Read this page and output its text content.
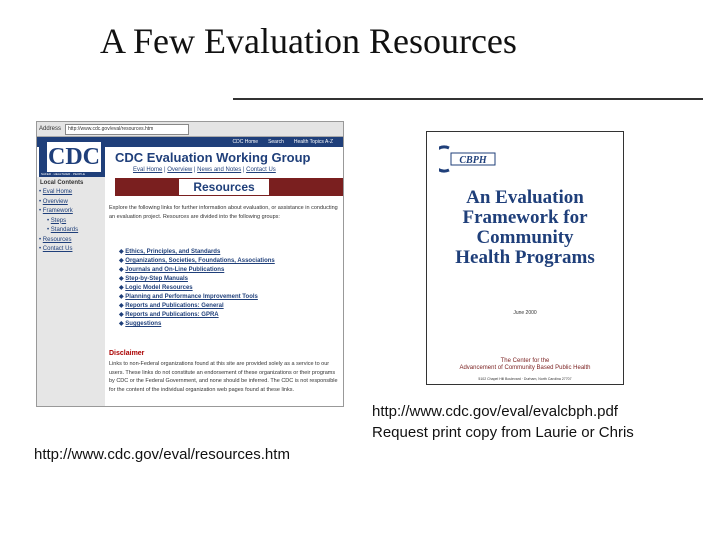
A Few Evaluation Resources
Address	http://www.cdc.gov/eval/resources.htm
CDC Home Search Health Topics A-Z
CDC
SAFER · HEALTHIER · PEOPLE
CDC Evaluation Working Group
Eval Home | Overview | News and Notes | Contact Us
Resources
Local Contents
• Eval Home
• Overview
• Framework
• Steps
• Standards
• Resources
• Contact Us
Explore the following links for further information about evaluation, or assistance in conducting an evaluation project. Resources are divided into the following groups:
◆ Ethics, Principles, and Standards
◆ Organizations, Societies, Foundations, Associations
◆ Journals and On-Line Publications
◆ Step-by-Step Manuals
◆ Logic Model Resources
◆ Planning and Performance Improvement Tools
◆ Reports and Publications: General
◆ Reports and Publications: GPRA
◆ Suggestions
Disclaimer
Links to non-Federal organizations found at this site are provided solely as a service to our users. These links do not constitute an endorsement of these organizations or their programs by CDC or the Federal Government, and none should be inferred. The CDC is not responsible for the content of the individual organization web pages found at these links.
CBPH
An Evaluation
Framework for
Community
Health Programs
June 2000
The Center for the
Advancement of Community Based Public Health
5102 Chapel Hill Boulevard · Durham, North Carolina 27707
http://www.cdc.gov/eval/resources.htm
http://www.cdc.gov/eval/evalcbph.pdf
Request print copy from Laurie or Chris
